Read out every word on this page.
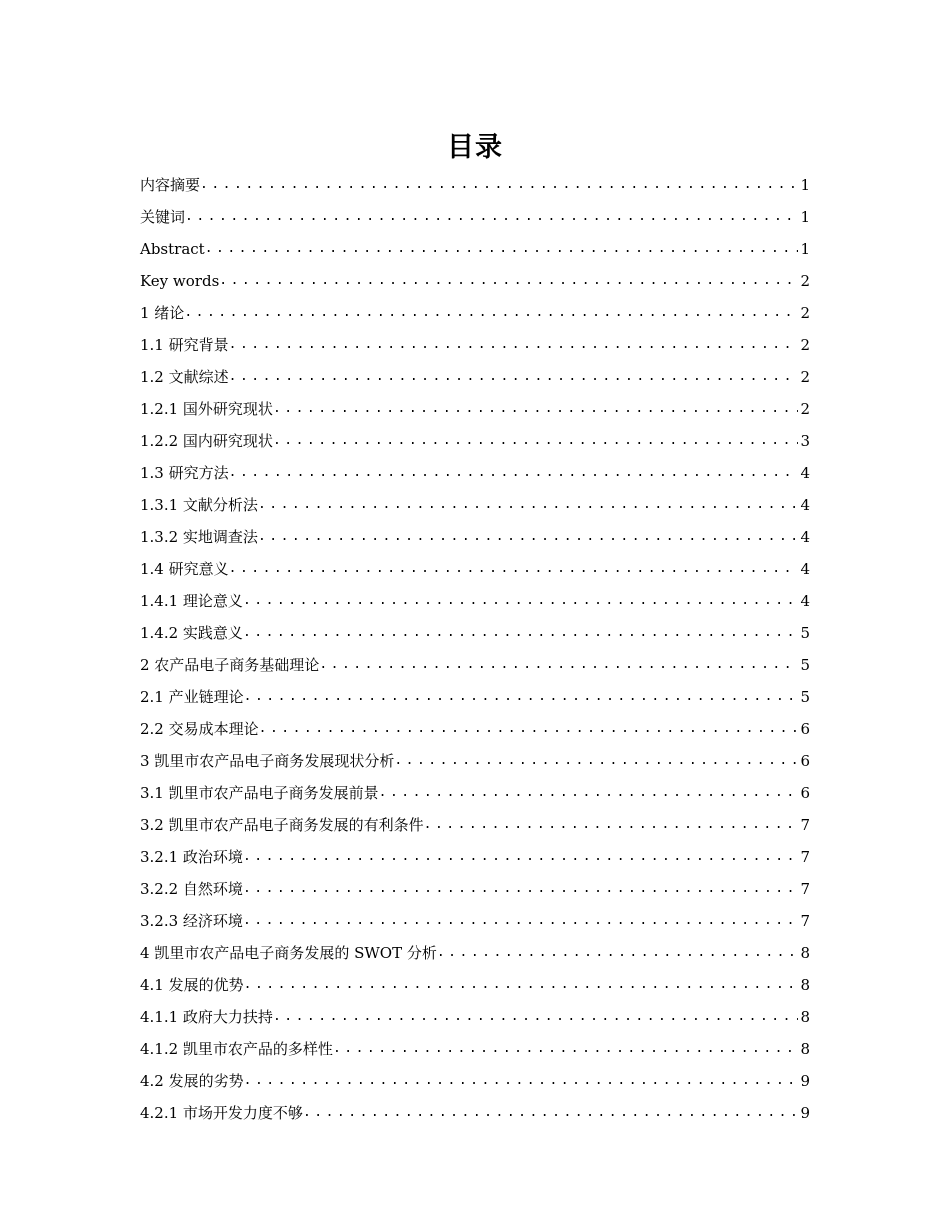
目录
内容摘要 .....	1
关键词 .....	1
Abstract .....	1
Key words .....	2
1 绪论 .....	2
1.1 研究背景 .....	2
1.2 文献综述 .....	2
1.2.1 国外研究现状 .....	2
1.2.2 国内研究现状 .....	3
1.3 研究方法 .....	4
1.3.1 文献分析法 .....	4
1.3.2 实地调查法 .....	4
1.4 研究意义 .....	4
1.4.1 理论意义 .....	4
1.4.2 实践意义 .....	5
2 农产品电子商务基础理论 .....	5
2.1 产业链理论 .....	5
2.2 交易成本理论 .....	6
3 凯里市农产品电子商务发展现状分析 .....	6
3.1 凯里市农产品电子商务发展前景 .....	6
3.2 凯里市农产品电子商务发展的有利条件 .....	7
3.2.1 政治环境 .....	7
3.2.2 自然环境 .....	7
3.2.3 经济环境 .....	7
4 凯里市农产品电子商务发展的 SWOT 分析 .....	8
4.1 发展的优势 .....	8
4.1.1 政府大力扶持 .....	8
4.1.2 凯里市农产品的多样性 .....	8
4.2 发展的劣势 .....	9
4.2.1 市场开发力度不够 .....	9
